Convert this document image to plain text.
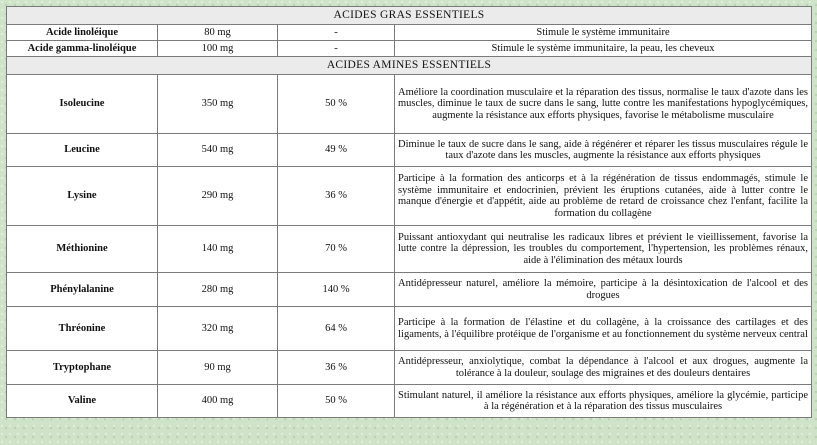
ACIDES GRAS ESSENTIELS			
Acide linoléique	80 mg	-	Stimule le système immunitaire
Acide gamma-linoléique	100 mg	-	Stimule le système immunitaire, la peau, les cheveux
ACIDES AMINES ESSENTIELS			
Isoleucine	350 mg	50 %	Améliore la coordination musculaire et la réparation des tissus, normalise le taux d'azote dans les muscles, diminue le taux de sucre dans le sang, lutte contre les manifestations hypoglycémiques, augmente la résistance aux efforts physiques, favorise le métabolisme musculaire
Leucine	540 mg	49 %	Diminue le taux de sucre dans le sang, aide à régénérer et réparer les tissus musculaires régule le taux d'azote dans les muscles, augmente la résistance aux efforts physiques
Lysine	290 mg	36 %	Participe à la formation des anticorps et à la régénération de tissus endommagés, stimule le système immunitaire et endocrinien, prévient les éruptions cutanées, aide à lutter contre le manque d'énergie et d'appétit, aide au problème de retard de croissance chez l'enfant, facilite la formation du collagène
Méthionine	140 mg	70 %	Puissant antioxydant qui neutralise les radicaux libres et prévient le vieillissement, favorise la lutte contre la dépression, les troubles du comportement, l'hypertension, les problèmes rénaux, aide à l'élimination des métaux lourds
Phénylalanine	280 mg	140 %	Antidépresseur naturel, améliore la mémoire, participe à la désintoxication de l'alcool et des drogues
Thréonine	320 mg	64 %	Participe à la formation de l'élastine et du collagène, à la croissance des cartilages et des ligaments, à l'équilibre protéique de l'organisme et au fonctionnement du système nerveux central
Tryptophane	90 mg	36 %	Antidépresseur, anxiolytique, combat la dépendance à l'alcool et aux drogues, augmente la tolérance à la douleur, soulage des migraines et des douleurs dentaires
Valine	400 mg	50 %	Stimulant naturel, il améliore la résistance aux efforts physiques, améliore la glycémie, participe à la régénération et à la réparation des tissus musculaires
